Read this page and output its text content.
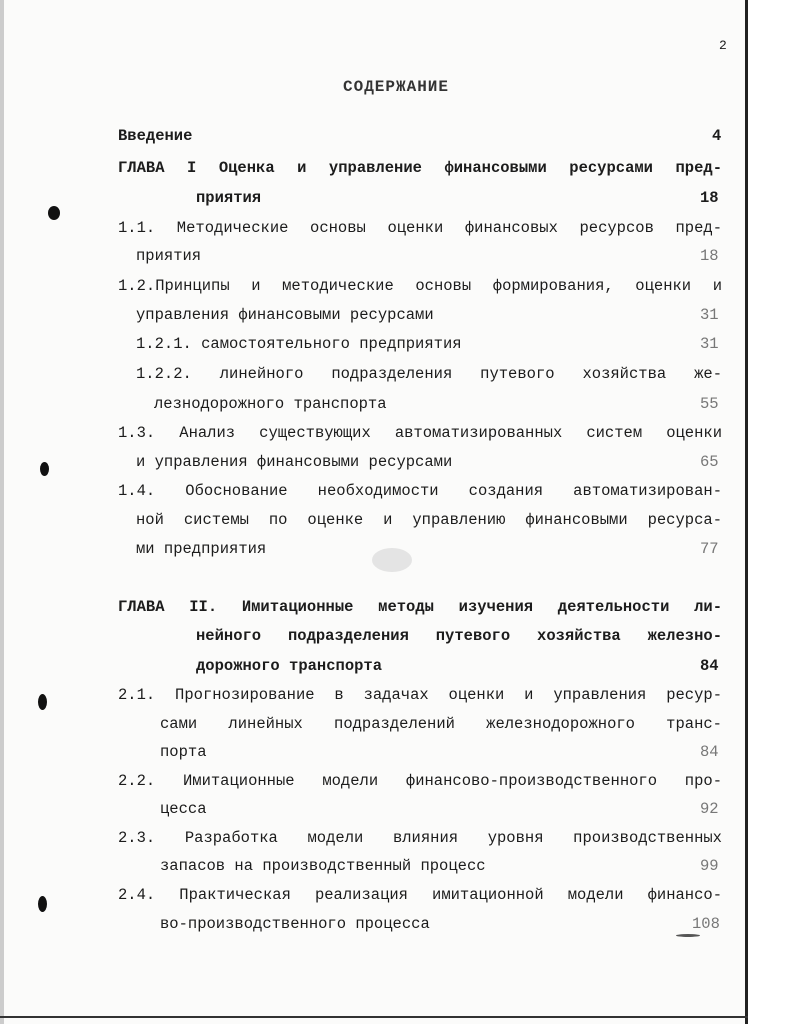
2
СОДЕРЖАНИЕ
Введение	4
ГЛАВА I Оценка и управление финансовыми ресурсами пред-
приятия	18
1.1. Методические основы оценки финансовых ресурсов пред-
приятия	18
1.2.Принципы и методические основы формирования, оценки и
управления финансовыми ресурсами	31
1.2.1. самостоятельного предприятия	31
1.2.2. линейного подразделения путевого хозяйства же-
лезнодорожного транспорта	55
1.3. Анализ существующих автоматизированных систем оценки
и управления финансовыми ресурсами	65
1.4. Обоснование необходимости создания автоматизирован-
ной системы по оценке и управлению финансовыми ресурса-
ми предприятия	77
ГЛАВА II. Имитационные методы изучения деятельности ли-
нейного подразделения путевого хозяйства железно-
дорожного транспорта	84
2.1. Прогнозирование в задачах оценки и управления ресур-
сами линейных подразделений железнодорожного транс-
порта	84
2.2. Имитационные модели финансово-производственного про-
цесса	92
2.3. Разработка модели влияния уровня производственных
запасов на производственный процесс	99
2.4. Практическая реализация имитационной модели финансо-
во-производственного процесса	108
